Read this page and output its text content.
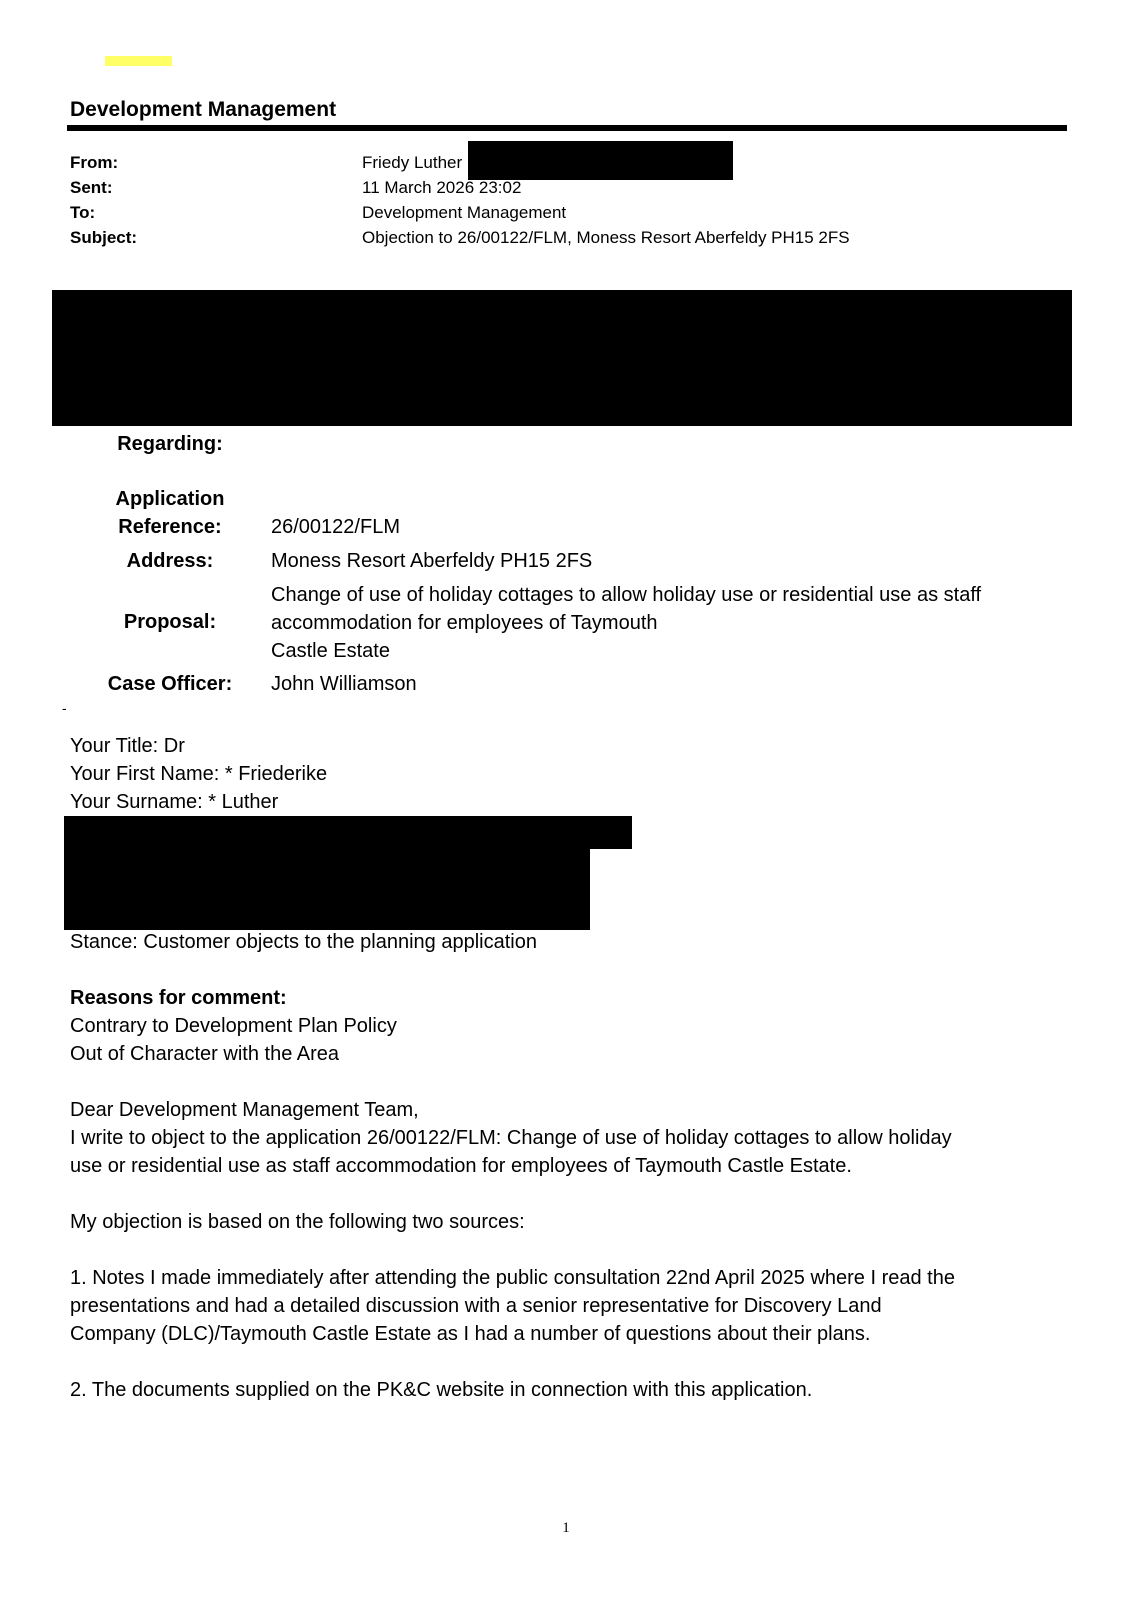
Development Management
From:	Friedy Luther
Sent:	11 March 2026 23:02
To:	Development Management
Subject:	Objection to 26/00122/FLM, Moness Resort Aberfeldy PH15 2FS
Regarding:
Application
Reference:	26/00122/FLM
Address:	Moness Resort Aberfeldy PH15 2FS
Proposal:
Change of use of holiday cottages to allow holiday use or residential use as staff
accommodation for employees of Taymouth
Castle Estate
Case Officer:	John Williamson
-
Your Title: Dr
Your First Name: * Friederike
Your Surname: * Luther
Stance: Customer objects to the planning application
Reasons for comment:
Contrary to Development Plan Policy
Out of Character with the Area
Dear Development Management Team,
I write to object to the application 26/00122/FLM: Change of use of holiday cottages to allow holiday
use or residential use as staff accommodation for employees of Taymouth Castle Estate.
My objection is based on the following two sources:
1. Notes I made immediately after attending the public consultation 22nd April 2025 where I read the
presentations and had a detailed discussion with a senior representative for Discovery Land
Company (DLC)/Taymouth Castle Estate as I had a number of questions about their plans.
2. The documents supplied on the PK&C website in connection with this application.
1
